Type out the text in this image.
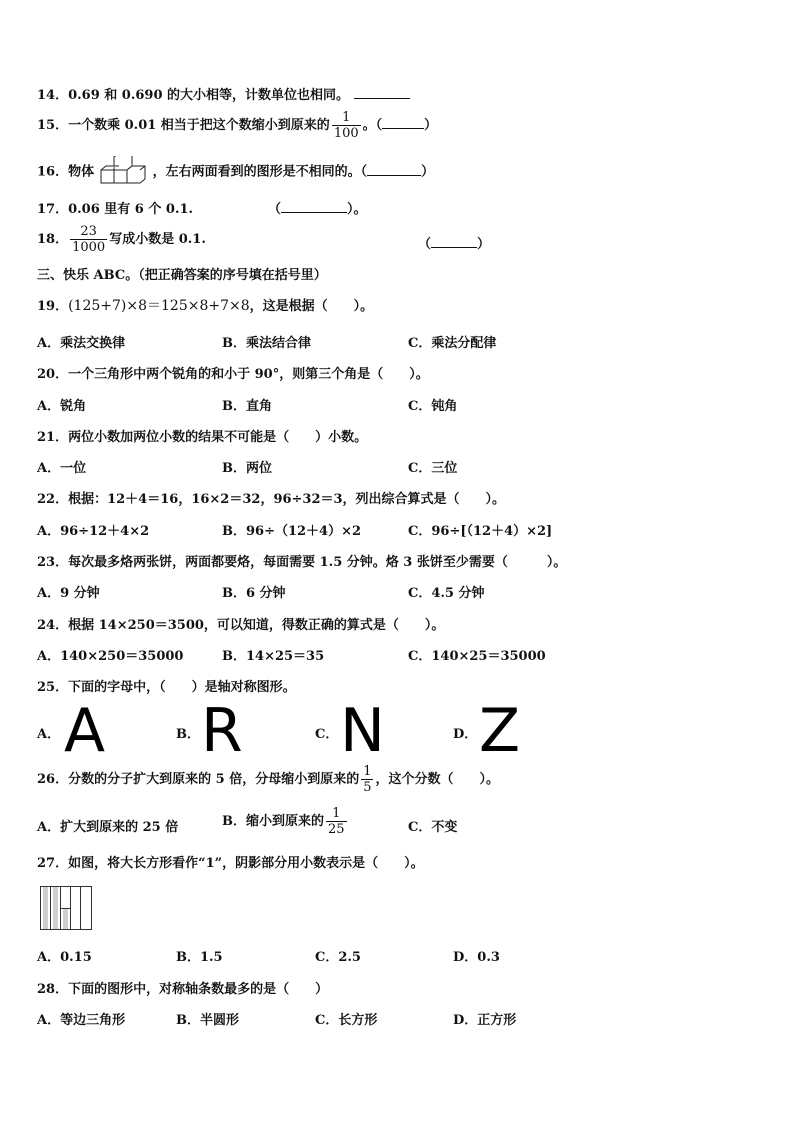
14．0.69 和 0.690 的大小相等，计数单位也相同。
15．一个数乘 0.01 相当于把这个数缩小到原来的 $\frac{1}{100}$ 。（	）
16．物体	，左右两面看到的图形是不相同的。（	）
17．0.06 里有 6 个 0.1.	（	）。
18． $\frac{23}{1000}$ 写成小数是 0.1.	（	）
三、快乐 ABC。（把正确答案的序号填在括号里）
19．(125+7)×8＝125×8+7×8，这是根据（　　）。
A．乘法交换律	B．乘法结合律	C．乘法分配律
20．一个三角形中两个锐角的和小于 90°，则第三个角是（　　）。
A．锐角	B．直角	C．钝角
21．两位小数加两位小数的结果不可能是（　　）小数。
A．一位	B．两位	C．三位
22．根据：12＋4＝16，16×2＝32，96÷32＝3，列出综合算式是（　　）。
A．96÷12＋4×2	B．96÷（12＋4）×2	C．96÷[（12＋4）×2]
23．每次最多烙两张饼，两面都要烙，每面需要 1.5 分钟。烙 3 张饼至少需要（　　　）。
A．9 分钟	B．6 分钟	C．4.5 分钟
24．根据 14×250＝3500，可以知道，得数正确的算式是（　　）。
A．140×250＝35000	B．14×25＝35	C．140×25＝35000
25．下面的字母中，（　　）是轴对称图形。
A． A	B． R	C． N	D． Z
26．分数的分子扩大到原来的 5 倍，分母缩小到原来的 $\frac{1}{5}$ ，这个分数（　　）。
A．扩大到原来的 25 倍	B．缩小到原来的 $\frac{1}{25}$	C．不变
27．如图，将大长方形看作“1”，阴影部分用小数表示是（　　）。
A．0.15	B．1.5	C．2.5	D．0.3
28．下面的图形中，对称轴条数最多的是（　　）
A．等边三角形	B．半圆形	C．长方形	D．正方形
